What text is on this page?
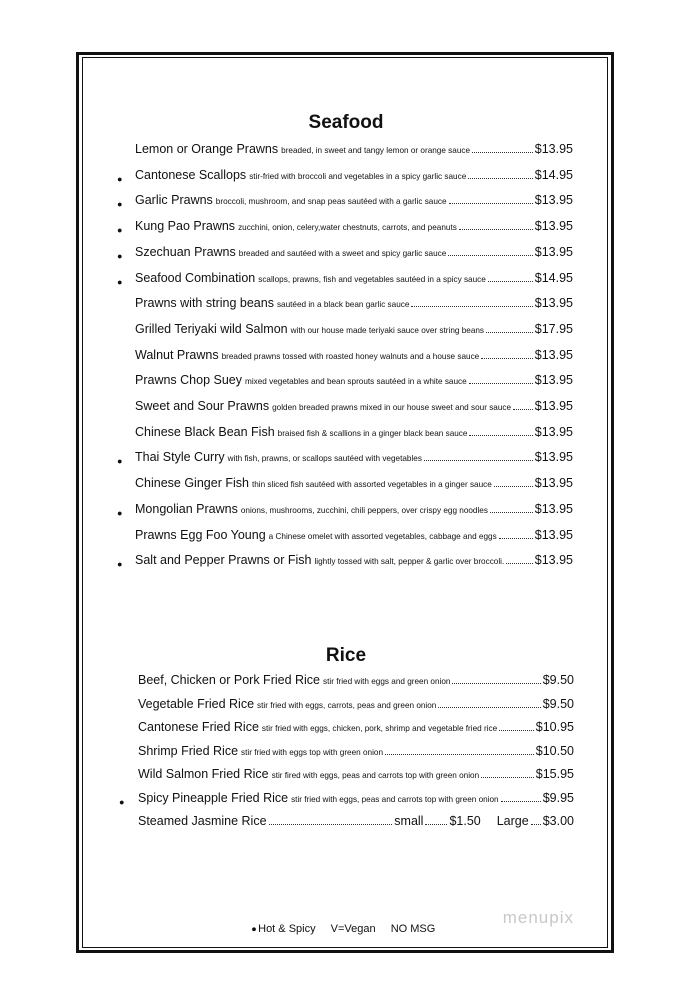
Seafood
Lemon or Orange Prawns breaded, in sweet and tangy lemon or orange sauce	$13.95
● Cantonese Scallops stir-fried with broccoli and vegetables in a spicy garlic sauce	$14.95
● Garlic Prawns broccoli, mushroom, and snap peas sautéed with a garlic sauce	$13.95
● Kung Pao Prawns zucchini, onion, celery,water chestnuts, carrots, and peanuts	$13.95
● Szechuan Prawns breaded and sautéed with a sweet and spicy garlic sauce	$13.95
● Seafood Combination scallops, prawns, fish and vegetables sautéed in a spicy sauce	$14.95
Prawns with string beans sautéed in a black bean garlic sauce	$13.95
Grilled Teriyaki wild Salmon with our house made teriyaki sauce over string beans	$17.95
Walnut Prawns breaded prawns tossed with roasted honey walnuts and a house sauce	$13.95
Prawns Chop Suey mixed vegetables and bean sprouts sautéed in a white sauce	$13.95
Sweet and Sour Prawns golden breaded prawns mixed in our house sweet and sour sauce $13.95
Chinese Black Bean Fish braised fish & scallions in a ginger black bean sauce	$13.95
● Thai Style Curry with fish, prawns, or scallops sautéed with vegetables	$13.95
Chinese Ginger Fish thin sliced fish sautéed with assorted vegetables in a ginger sauce	$13.95
● Mongolian Prawns onions, mushrooms, zucchini, chili peppers, over crispy egg noodles	$13.95
Prawns Egg Foo Young a Chinese omelet with assorted vegetables, cabbage and eggs	$13.95
● Salt and Pepper Prawns or Fish lightly tossed with salt, pepper & garlic over broccoli. $13.95
Rice
Beef, Chicken or Pork Fried Rice stir fried with eggs and green onion	$9.50
Vegetable Fried Rice stir fried with eggs, carrots, peas and green onion	$9.50
Cantonese Fried Rice stir fried with eggs, chicken, pork, shrimp and vegetable fried rice	$10.95
Shrimp Fried Rice stir fried with eggs top with green onion	$10.50
Wild Salmon Fried Rice stir fired with eggs, peas and carrots top with green onion	$15.95
● Spicy Pineapple Fried Rice stir fried with eggs, peas and carrots top with green onion	$9.95
Steamed Jasmine Rice	small $1.50 Large $3.00
●Hot & Spicy V=Vegan NO MSG
menupix
